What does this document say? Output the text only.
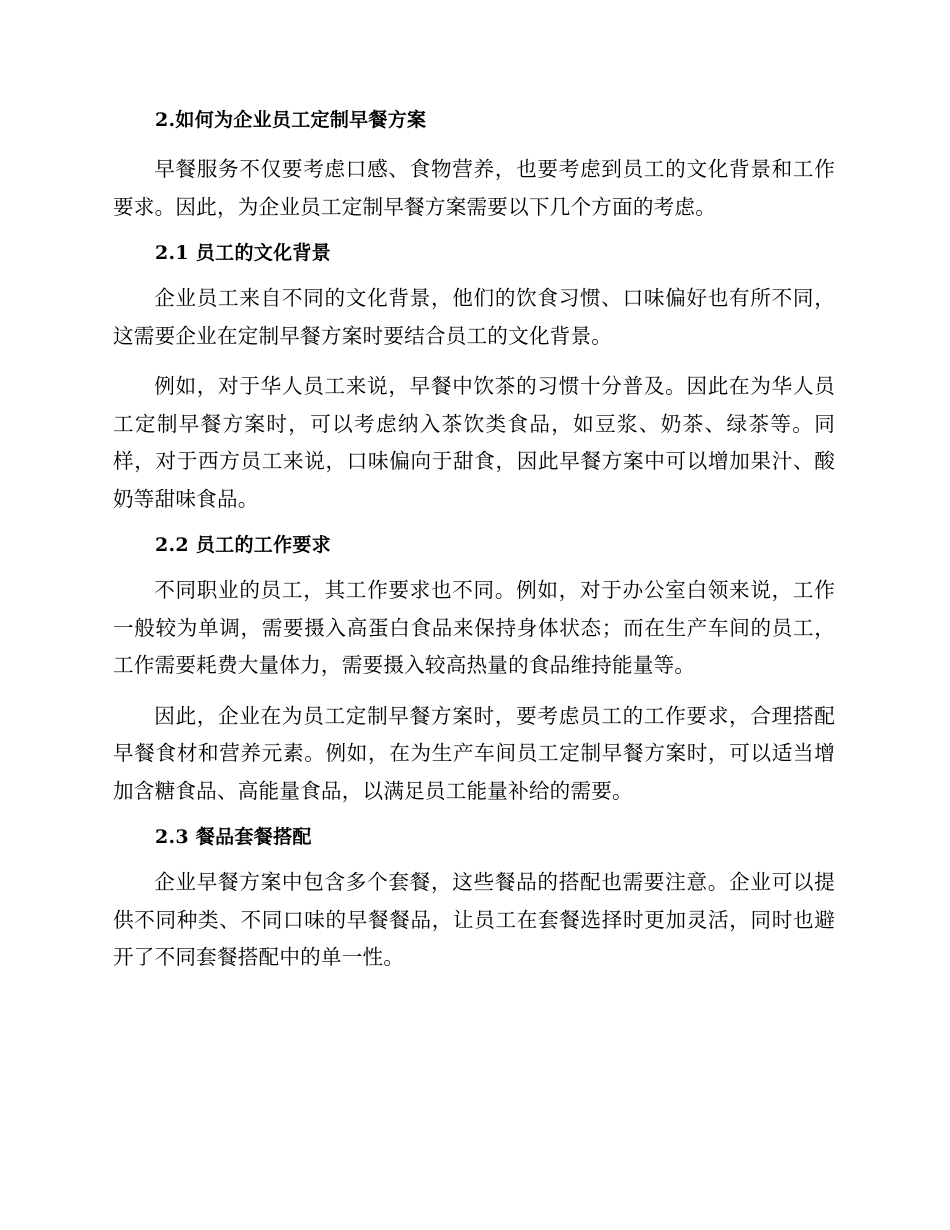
2.如何为企业员工定制早餐方案

早餐服务不仅要考虑口感、食物营养，也要考虑到员工的文化背景和工作要求。因此，为企业员工定制早餐方案需要以下几个方面的考虑。

2.1 员工的文化背景

企业员工来自不同的文化背景，他们的饮食习惯、口味偏好也有所不同，这需要企业在定制早餐方案时要结合员工的文化背景。

例如，对于华人员工来说，早餐中饮茶的习惯十分普及。因此在为华人员工定制早餐方案时，可以考虑纳入茶饮类食品，如豆浆、奶茶、绿茶等。同样，对于西方员工来说，口味偏向于甜食，因此早餐方案中可以增加果汁、酸奶等甜味食品。

2.2 员工的工作要求

不同职业的员工，其工作要求也不同。例如，对于办公室白领来说，工作一般较为单调，需要摄入高蛋白食品来保持身体状态；而在生产车间的员工，工作需要耗费大量体力，需要摄入较高热量的食品维持能量等。

因此，企业在为员工定制早餐方案时，要考虑员工的工作要求，合理搭配早餐食材和营养元素。例如，在为生产车间员工定制早餐方案时，可以适当增加含糖食品、高能量食品，以满足员工能量补给的需要。

2.3 餐品套餐搭配

企业早餐方案中包含多个套餐，这些餐品的搭配也需要注意。企业可以提供不同种类、不同口味的早餐餐品，让员工在套餐选择时更加灵活，同时也避开了不同套餐搭配中的单一性。
